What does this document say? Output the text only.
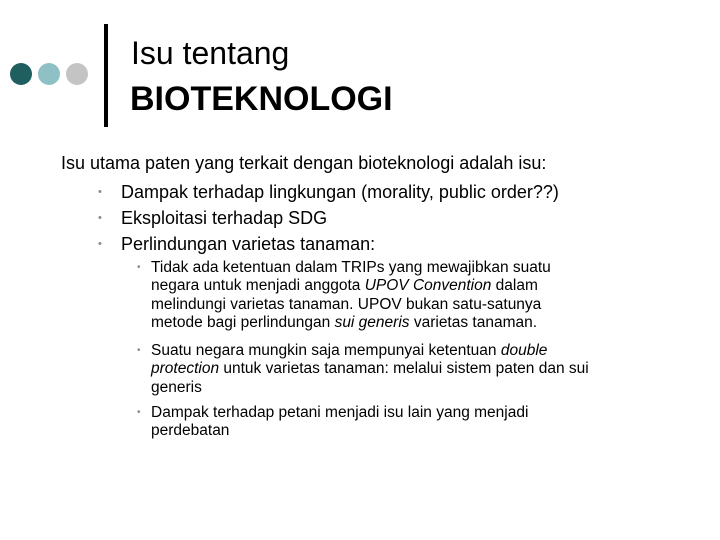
Isu tentang
BIOTEKNOLOGI
Isu utama paten yang terkait dengan bioteknologi adalah isu:
• Dampak terhadap lingkungan (morality, public order??)
• Eksploitasi terhadap SDG
• Perlindungan varietas tanaman:
• Tidak ada ketentuan dalam TRIPs yang mewajibkan suatu
negara untuk menjadi anggota UPOV Convention dalam
melindungi varietas tanaman. UPOV bukan satu-satunya
metode bagi perlindungan sui generis varietas tanaman.
• Suatu negara mungkin saja mempunyai ketentuan double
protection untuk varietas tanaman: melalui sistem paten dan sui
generis
• Dampak terhadap petani menjadi isu lain yang menjadi
perdebatan
